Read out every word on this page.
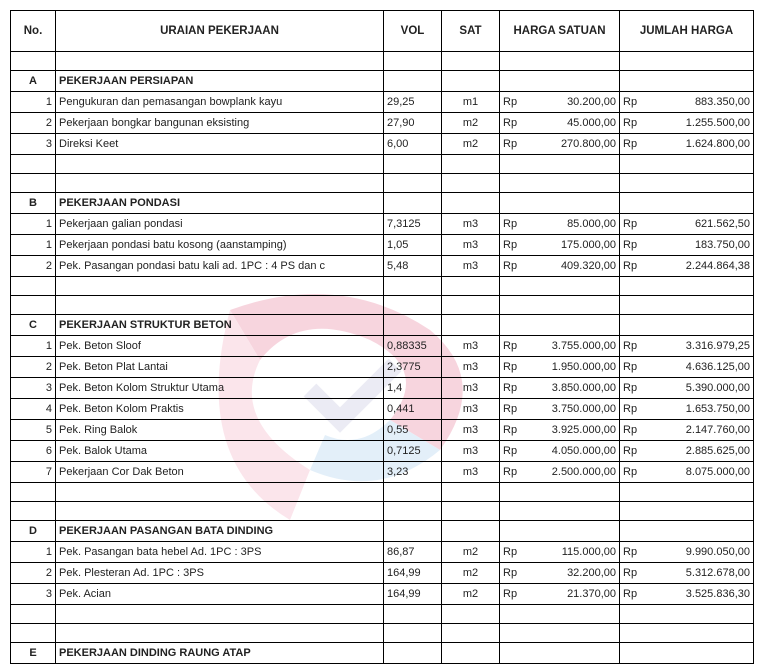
No.	URAIAN PEKERJAAN	VOL	SAT	HARGA SATUAN		JUMLAH HARGA	

A	PEKERJAAN PERSIAPAN						
1	Pengukuran dan pemasangan bowplank kayu	29,25	m1	Rp	30.200,00	Rp	883.350,00
2	Pekerjaan bongkar bangunan eksisting	27,90	m2	Rp	45.000,00	Rp	1.255.500,00
3	Direksi Keet	6,00	m2	Rp	270.800,00	Rp	1.624.800,00

B	PEKERJAAN PONDASI						
1	Pekerjaan galian pondasi	7,3125	m3	Rp	85.000,00	Rp	621.562,50
1	Pekerjaan pondasi batu kosong (aanstamping)	1,05	m3	Rp	175.000,00	Rp	183.750,00
2	Pek. Pasangan pondasi batu kali ad. 1PC : 4 PS dan c	5,48	m3	Rp	409.320,00	Rp	2.244.864,38

C	PEKERJAAN STRUKTUR BETON						
1	Pek. Beton Sloof	0,88335	m3	Rp	3.755.000,00	Rp	3.316.979,25
2	Pek. Beton Plat Lantai	2,3775	m3	Rp	1.950.000,00	Rp	4.636.125,00
3	Pek. Beton Kolom Struktur Utama	1,4	m3	Rp	3.850.000,00	Rp	5.390.000,00
4	Pek. Beton Kolom Praktis	0,441	m3	Rp	3.750.000,00	Rp	1.653.750,00
5	Pek. Ring Balok	0,55	m3	Rp	3.925.000,00	Rp	2.147.760,00
6	Pek. Balok Utama	0,7125	m3	Rp	4.050.000,00	Rp	2.885.625,00
7	Pekerjaan Cor Dak Beton	3,23	m3	Rp	2.500.000,00	Rp	8.075.000,00

D	PEKERJAAN PASANGAN BATA DINDING						
1	Pek. Pasangan bata hebel Ad. 1PC : 3PS	86,87	m2	Rp	115.000,00	Rp	9.990.050,00
2	Pek. Plesteran Ad. 1PC : 3PS	164,99	m2	Rp	32.200,00	Rp	5.312.678,00
3	Pek. Acian	164,99	m2	Rp	21.370,00	Rp	3.525.836,30

E	PEKERJAAN DINDING RAUNG ATAP						
